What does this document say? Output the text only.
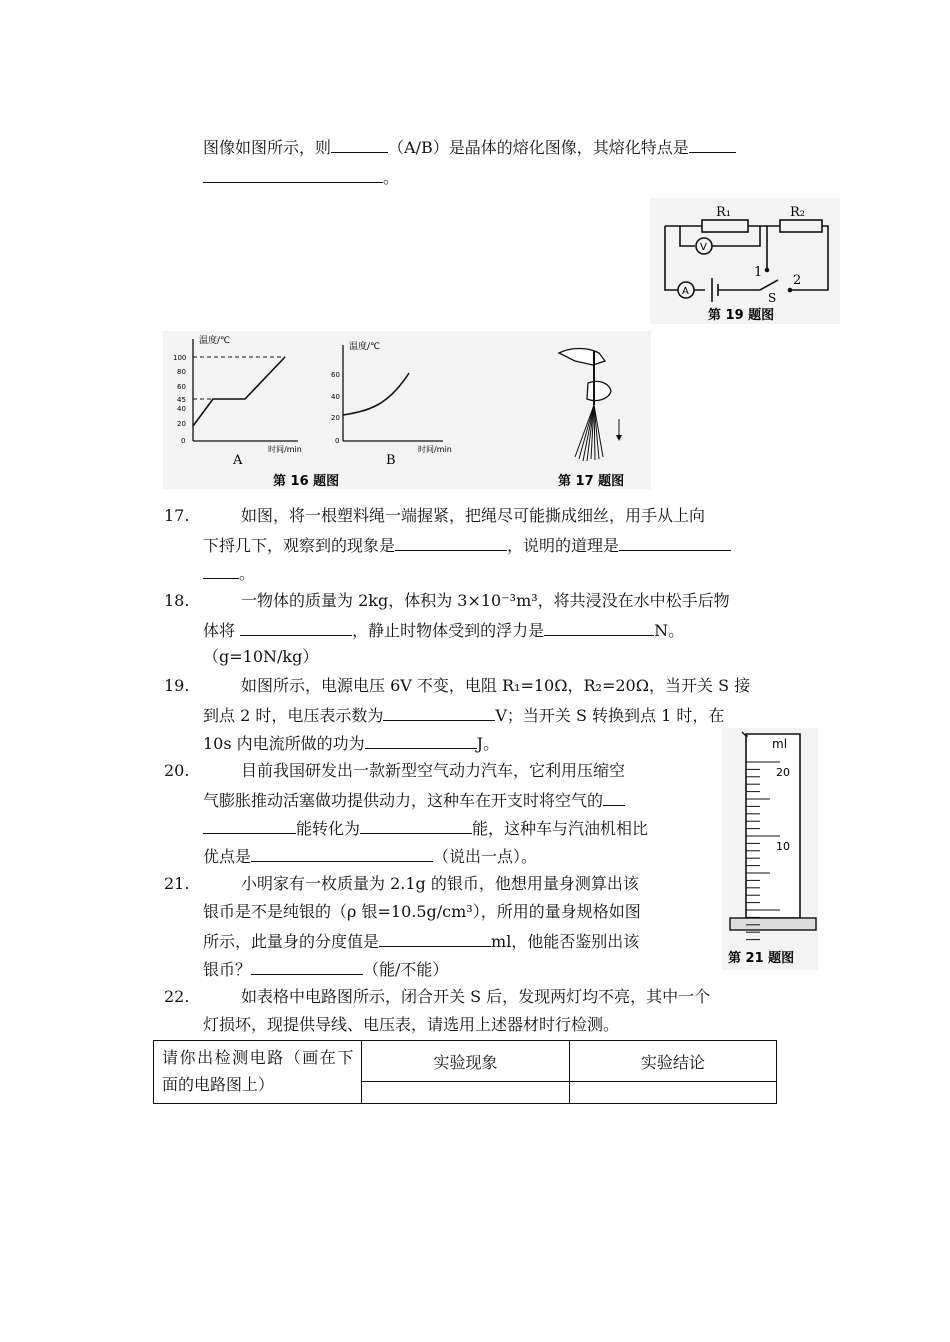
图像如图所示，则	（A/B）是晶体的熔化图像，其熔化特点是
。
R₁	R₂
V
A
1
2
S
第 19 题图
温度/℃
100
80
60
45
40
20
0
时间/min
A
温度/℃
60
40
20
0
时间/min
B
第 16 题图	第 17 题图
17.	如图，将一根塑料绳一端握紧，把绳尽可能撕成细丝，用手从上向
下捋几下，观察到的现象是	，说明的道理是
。
18.	一物体的质量为 2kg，体积为 3×10⁻³m³，将共浸没在水中松手后物
体将	，静止时物体受到的浮力是	N。
（g=10N/kg）
19.	如图所示，电源电压 6V 不变，电阻 R₁=10Ω，R₂=20Ω，当开关 S 接
到点 2 时，电压表示数为	V；当开关 S 转换到点 1 时，在
10s 内电流所做的功为	J。	ml
20
10
第 21 题图
20.	目前我国研发出一款新型空气动力汽车，它利用压缩空
气膨胀推动活塞做功提供动力，这种车在开支时将空气的
能转化为	能，这种车与汽油机相比
优点是	（说出一点）。
21.	小明家有一枚质量为 2.1g 的银币，他想用量身测算出该
银币是不是纯银的（ρ 银=10.5g/cm³），所用的量身规格如图
所示，此量身的分度值是	ml，他能否鉴别出该
银币？	（能/不能）
22.	如表格中电路图所示，闭合开关 S 后，发现两灯均不亮，其中一个
灯损坏，现提供导线、电压表，请选用上述器材时行检测。
请你出检测电路（画在下面的电路图上）	实验现象	实验结论
